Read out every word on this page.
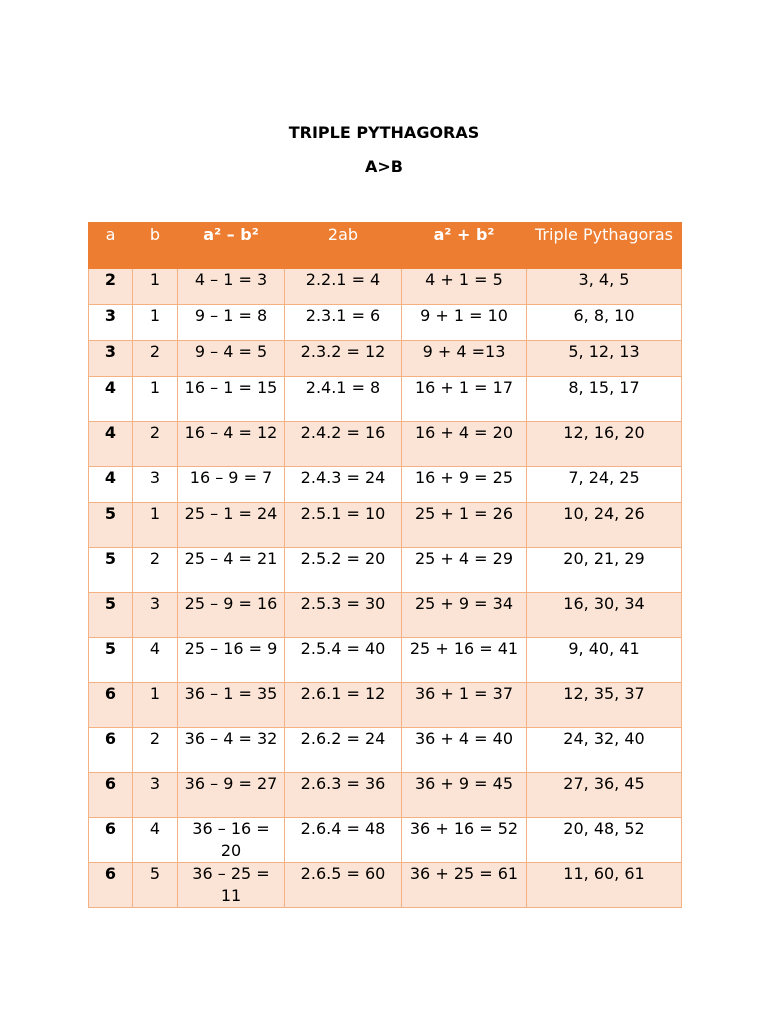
TRIPLE PYTHAGORAS
A>B
a	b	a² – b²	2ab	a² + b²	Triple Pythagoras
2	1	4 – 1 = 3	2.2.1 = 4	4 + 1 = 5	3, 4, 5
3	1	9 – 1 = 8	2.3.1 = 6	9 + 1 = 10	6, 8, 10
3	2	9 – 4 = 5	2.3.2 = 12	9 + 4 =13	5, 12, 13
4	1	16 – 1 = 15	2.4.1 = 8	16 + 1 = 17	8, 15, 17
4	2	16 – 4 = 12	2.4.2 = 16	16 + 4 = 20	12, 16, 20
4	3	16 – 9 = 7	2.4.3 = 24	16 + 9 = 25	7, 24, 25
5	1	25 – 1 = 24	2.5.1 = 10	25 + 1 = 26	10, 24, 26
5	2	25 – 4 = 21	2.5.2 = 20	25 + 4 = 29	20, 21, 29
5	3	25 – 9 = 16	2.5.3 = 30	25 + 9 = 34	16, 30, 34
5	4	25 – 16 = 9	2.5.4 = 40	25 + 16 = 41	9, 40, 41
6	1	36 – 1 = 35	2.6.1 = 12	36 + 1 = 37	12, 35, 37
6	2	36 – 4 = 32	2.6.2 = 24	36 + 4 = 40	24, 32, 40
6	3	36 – 9 = 27	2.6.3 = 36	36 + 9 = 45	27, 36, 45
6	4	36 – 16 = 20	2.6.4 = 48	36 + 16 = 52	20, 48, 52
6	5	36 – 25 = 11	2.6.5 = 60	36 + 25 = 61	11, 60, 61
